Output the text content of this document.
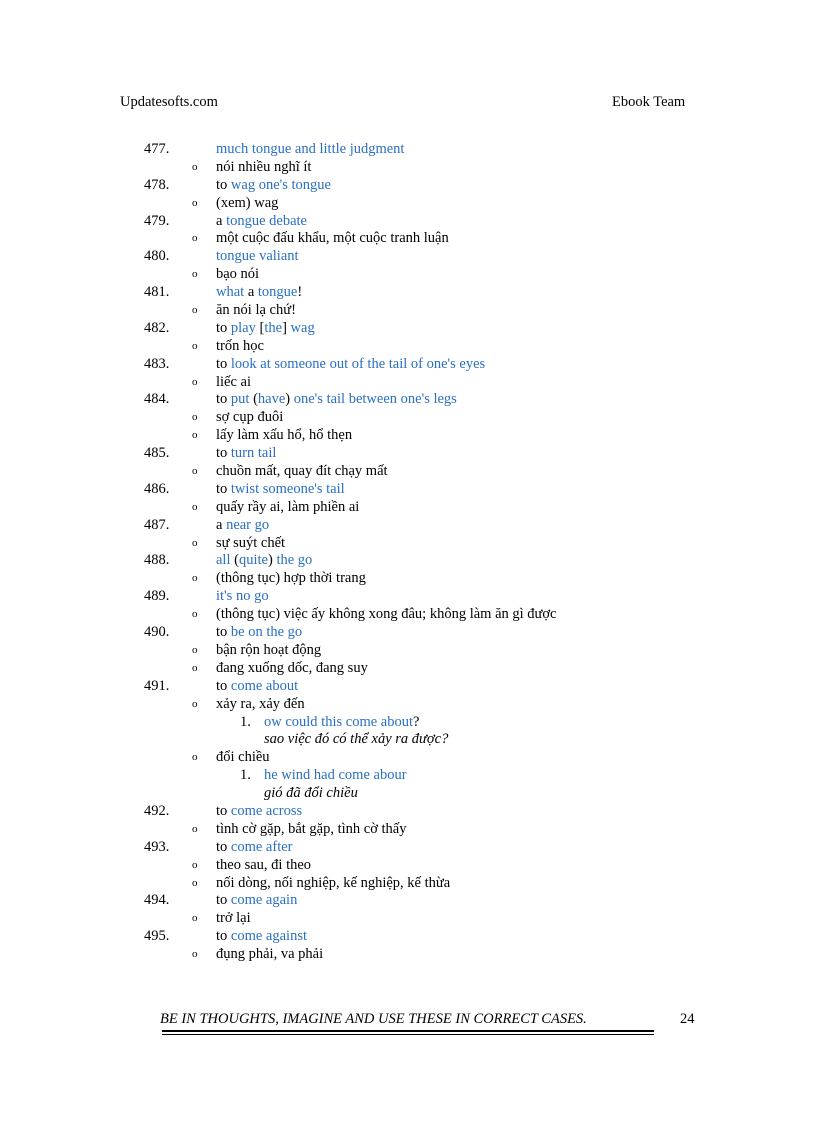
Updatesofts.com	Ebook Team
477.	much tongue and little judgment
o nói nhiều nghĩ ít
478.	to wag one's tongue
o (xem) wag
479.	a tongue debate
o một cuộc đấu khẩu, một cuộc tranh luận
480.	tongue valiant
o bạo nói
481.	what a tongue!
o ăn nói lạ chứ!
482.	to play [the] wag
o trốn học
483.	to look at someone out of the tail of one's eyes
o liếc ai
484.	to put (have) one's tail between one's legs
o sợ cụp đuôi
o lấy làm xấu hổ, hổ thẹn
485.	to turn tail
o chuồn mất, quay đít chạy mất
486.	to twist someone's tail
o quấy rầy ai, làm phiền ai
487.	a near go
o sự suýt chết
488.	all (quite) the go
o (thông tục) hợp thời trang
489.	it's no go
o (thông tục) việc ấy không xong đâu; không làm ăn gì được
490.	to be on the go
o bận rộn hoạt động
o đang xuống dốc, đang suy
491.	to come about
o xảy ra, xảy đến
1. ow could this come about?
sao việc đó có thể xảy ra được?
o đổi chiều
1. he wind had come abour
gió đã đổi chiều
492.	to come across
o tình cờ gặp, bắt gặp, tình cờ thấy
493.	to come after
o theo sau, đi theo
o nối dòng, nối nghiệp, kế nghiệp, kế thừa
494.	to come again
o trở lại
495.	to come against
o đụng phải, va phải
BE IN THOUGHTS, IMAGINE AND USE THESE IN CORRECT CASES.	24
